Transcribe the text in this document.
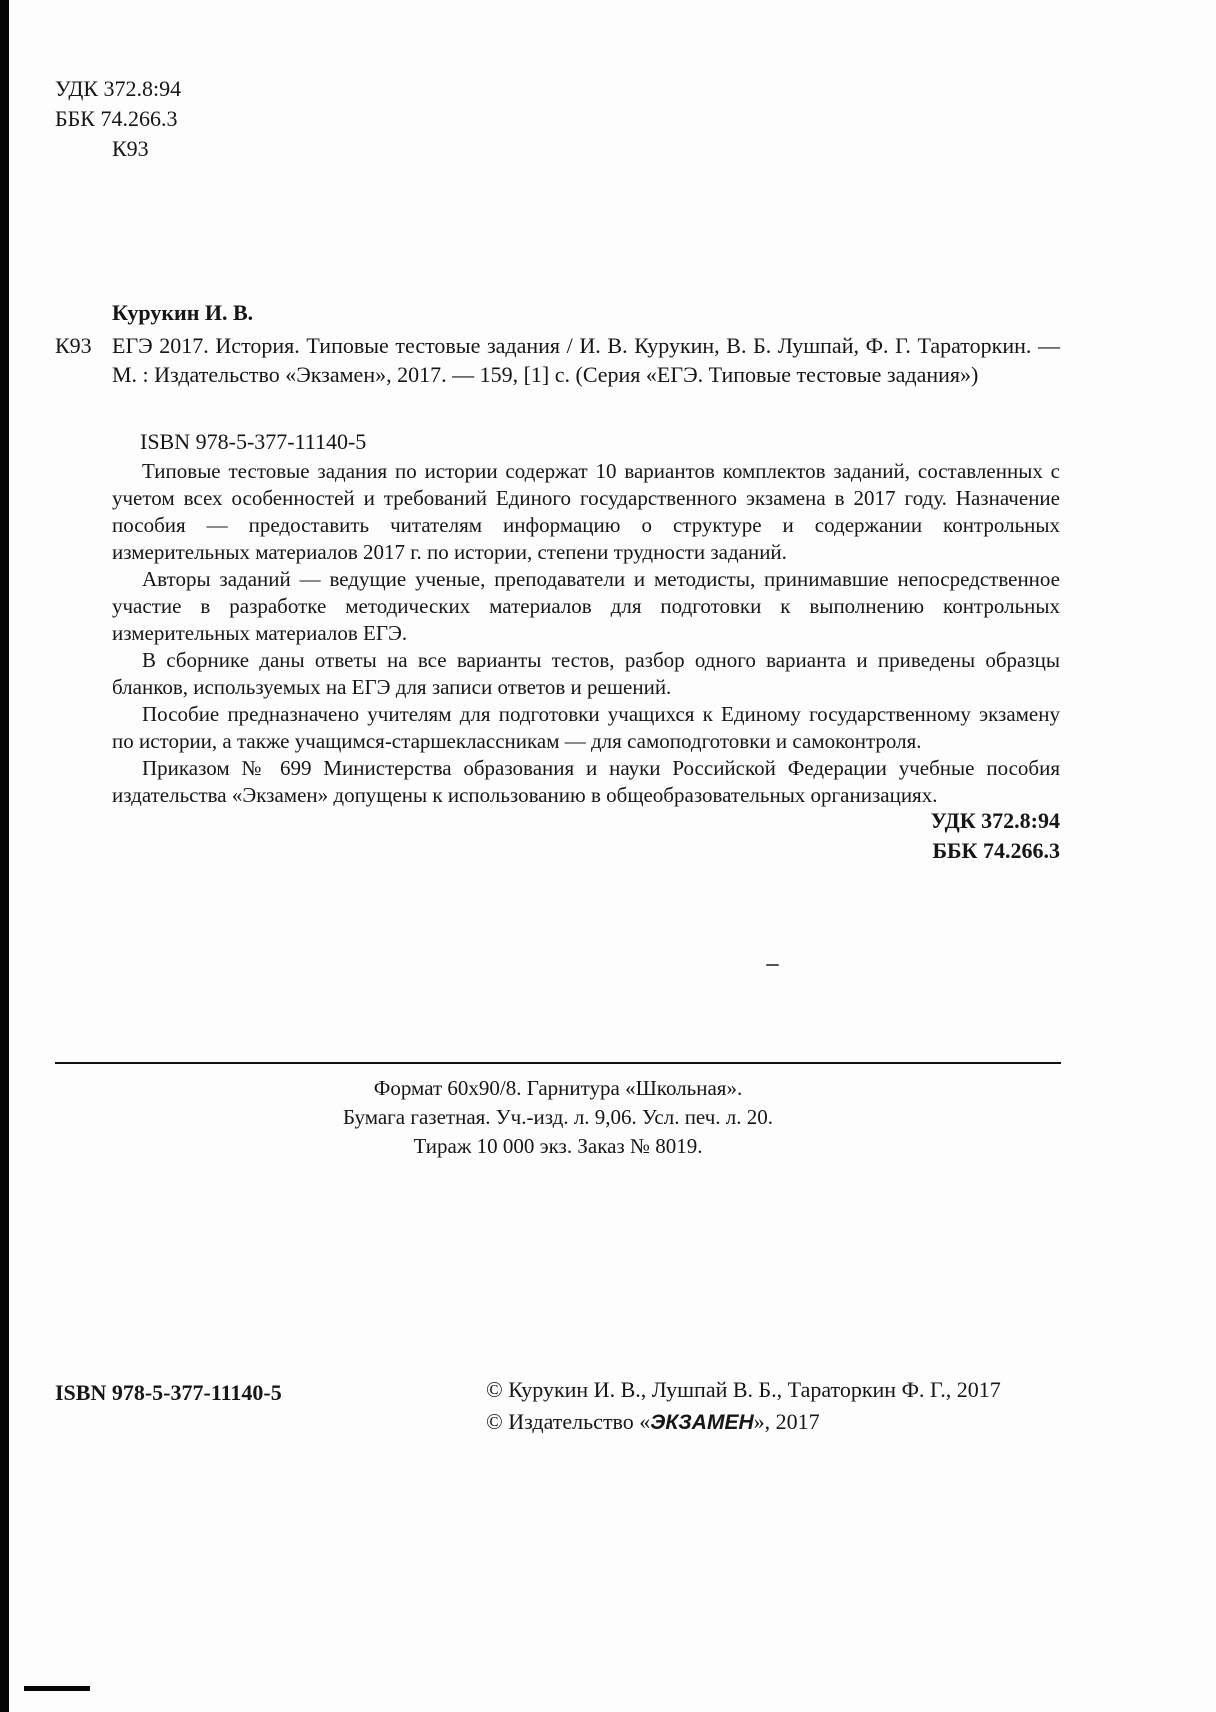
УДК 372.8:94
ББК 74.266.3
К93
Курукин И. В.
К93 ЕГЭ 2017. История. Типовые тестовые задания / И. В. Курукин, В. Б. Лушпай, Ф. Г. Тараторкин. — М. : Издательство «Экзамен», 2017. — 159, [1] с. (Серия «ЕГЭ. Типовые тестовые задания»)
ISBN 978-5-377-11140-5

Типовые тестовые задания по истории содержат 10 вариантов комплектов заданий, составленных с учетом всех особенностей и требований Единого государственного экзамена в 2017 году. Назначение пособия — предоставить читателям информацию о структуре и содержании контрольных измерительных материалов 2017 г. по истории, степени трудности заданий.

Авторы заданий — ведущие ученые, преподаватели и методисты, принимавшие непосредственное участие в разработке методических материалов для подготовки к выполнению контрольных измерительных материалов ЕГЭ.

В сборнике даны ответы на все варианты тестов, разбор одного варианта и приведены образцы бланков, используемых на ЕГЭ для записи ответов и решений.

Пособие предназначено учителям для подготовки учащихся к Единому государственному экзамену по истории, а также учащимся-старшеклассникам — для самоподготовки и самоконтроля.

Приказом № 699 Министерства образования и науки Российской Федерации учебные пособия издательства «Экзамен» допущены к использованию в общеобразовательных организациях.

УДК 372.8:94
ББК 74.266.3
Формат 60х90/8. Гарнитура «Школьная».
Бумага газетная. Уч.-изд. л. 9,06. Усл. печ. л. 20.
Тираж 10 000 экз. Заказ № 8019.
ISBN 978-5-377-11140-5	© Курукин И. В., Лушпай В. Б., Тараторкин Ф. Г., 2017
© Издательство «ЭКЗАМЕН», 2017
